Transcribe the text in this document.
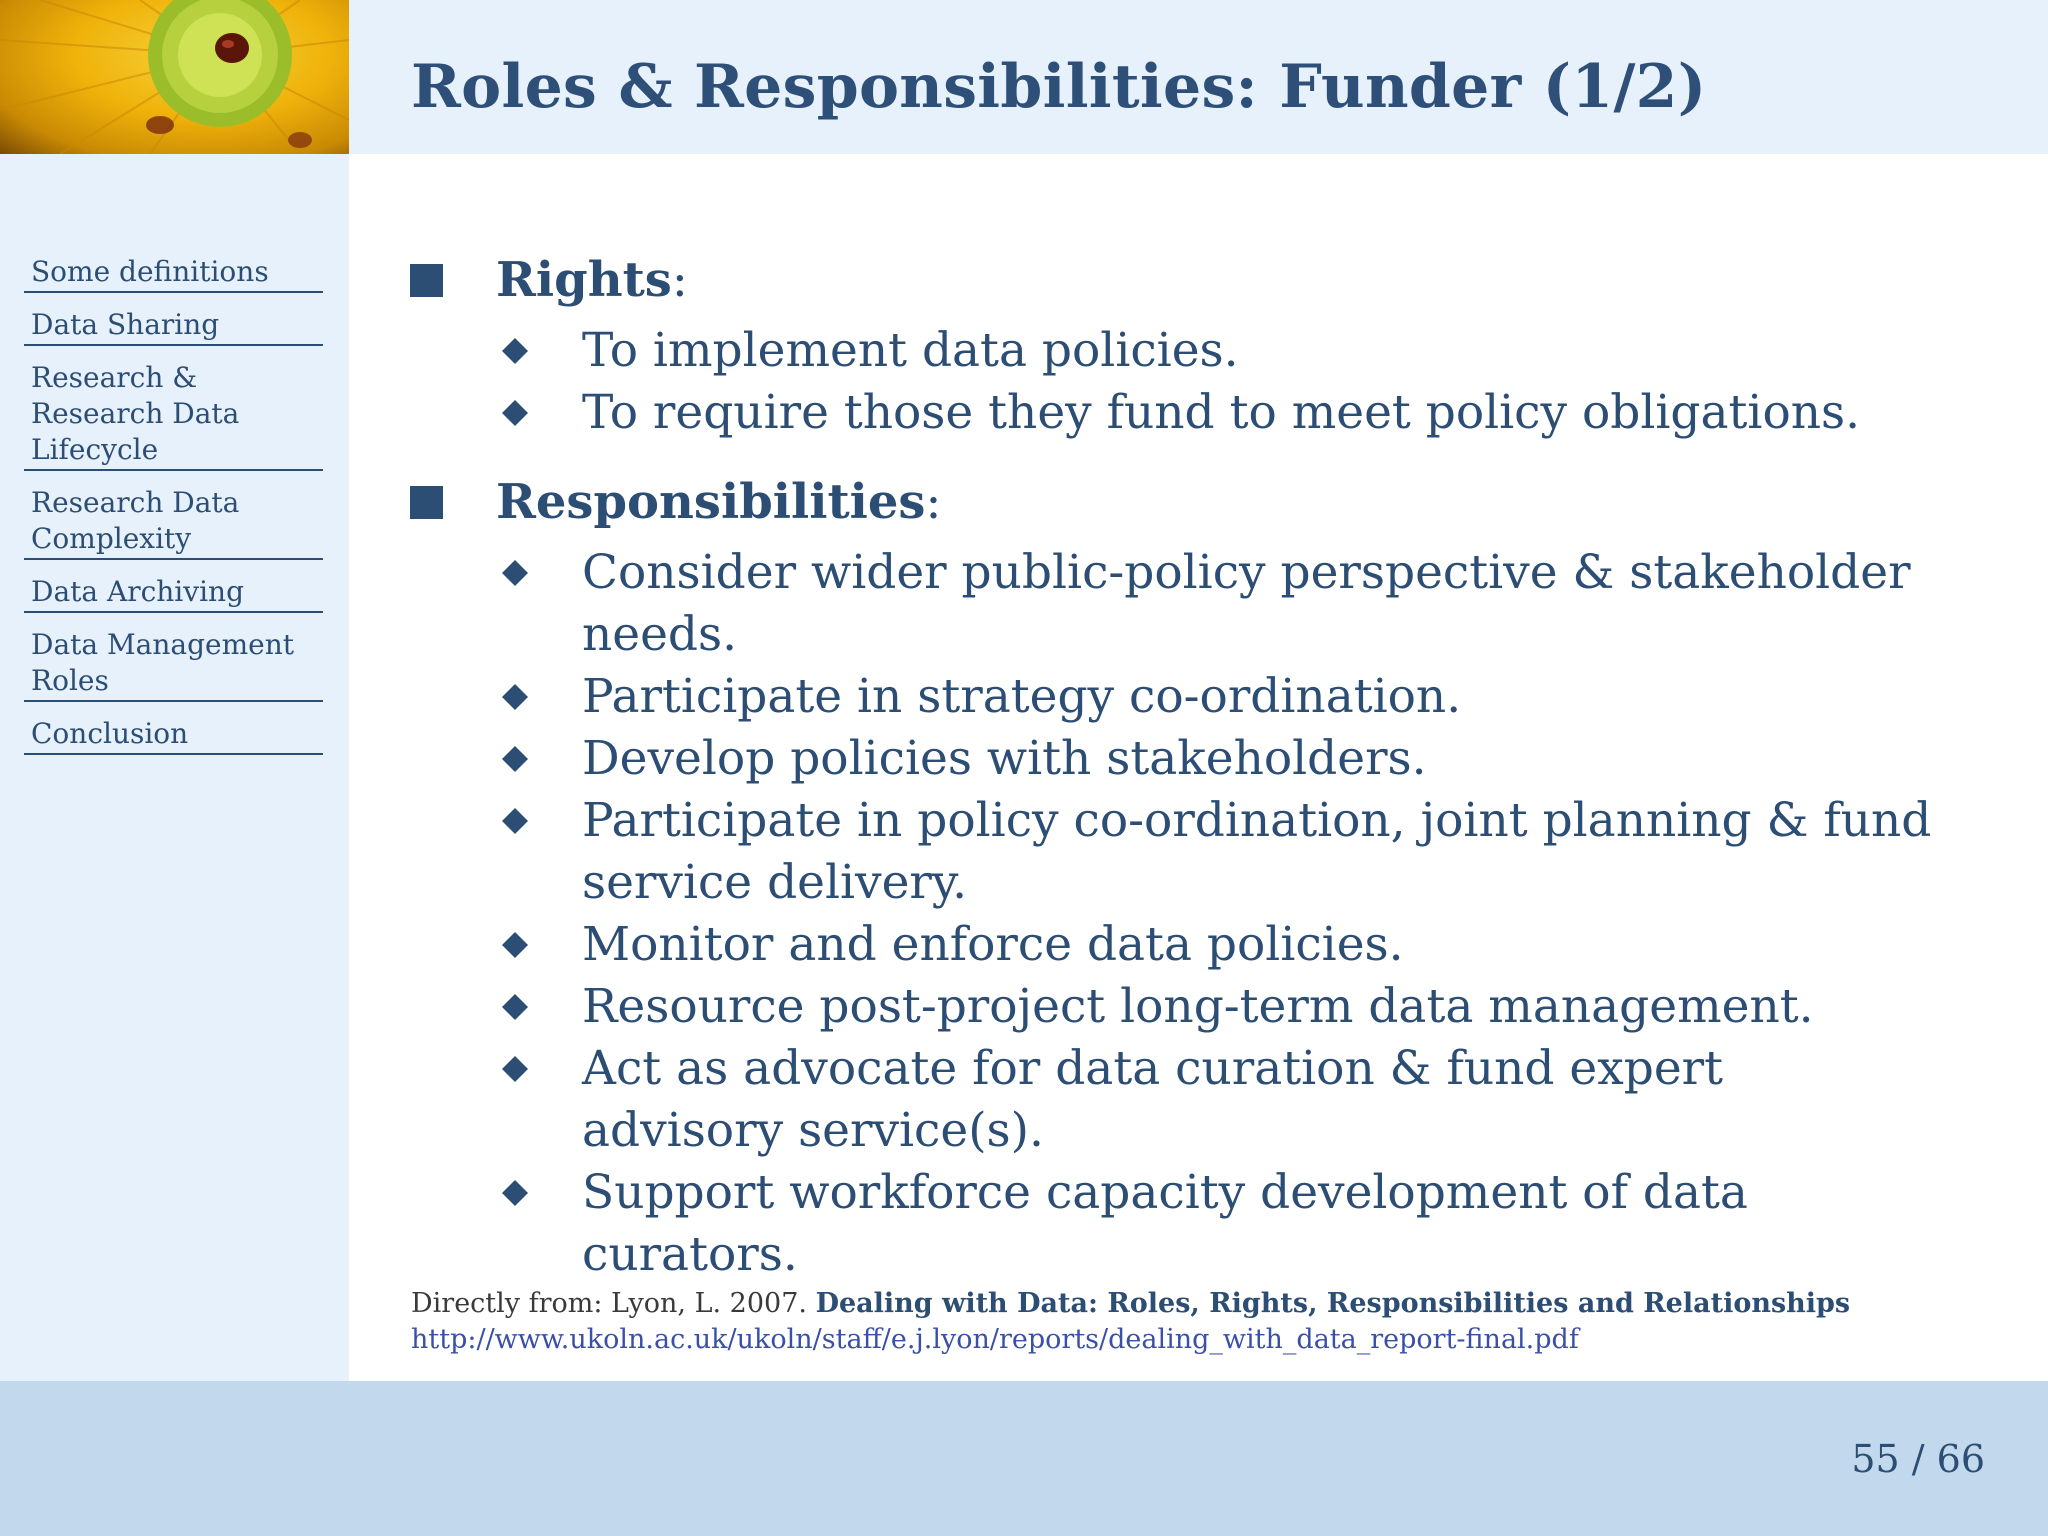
Roles & Responsibilities: Funder (1/2)
Some definitions
Data Sharing
Research & Research Data Lifecycle
Research Data Complexity
Data Archiving
Data Management Roles
Conclusion
Rights:
To implement data policies.
To require those they fund to meet policy obligations.
Responsibilities:
Consider wider public-policy perspective & stakeholder needs.
Participate in strategy co-ordination.
Develop policies with stakeholders.
Participate in policy co-ordination, joint planning & fund service delivery.
Monitor and enforce data policies.
Resource post-project long-term data management.
Act as advocate for data curation & fund expert advisory service(s).
Support workforce capacity development of data curators.
Directly from: Lyon, L. 2007. Dealing with Data: Roles, Rights, Responsibilities and Relationships
http://www.ukoln.ac.uk/ukoln/staff/e.j.lyon/reports/dealing_with_data_report-final.pdf
55 / 66
